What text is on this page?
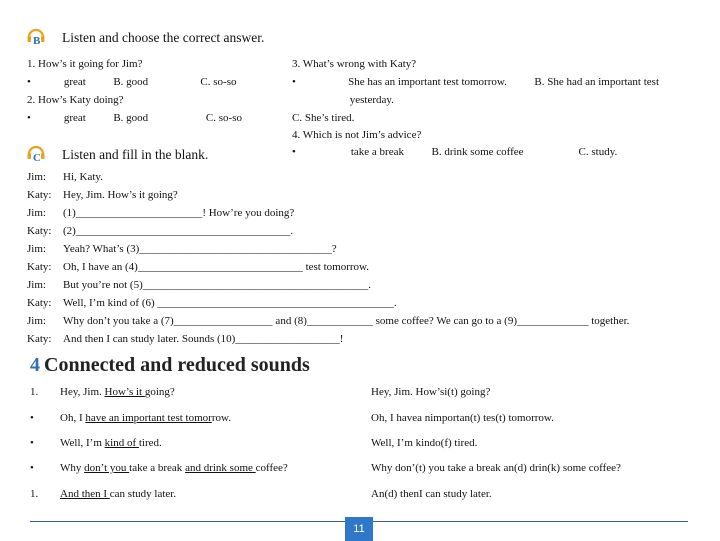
B Listen and choose the correct answer.
1. How’s it going for Jim?
•            great          B. good                   C. so-so
2. How’s Katy doing?
•            great          B. good                     C. so-so
3. What’s wrong with Katy?
•                   She has an important test tomorrow.          B. She had an important test
yesterday.
C. She’s tired.
4. Which is not Jim’s advice?
•                    take a break          B. drink some coffee                    C. study.
C Listen and fill in the blank.
Jim: Hi, Katy.
Katy: Hey, Jim. How’s it going?
Jim: (1)_______________________! How’re you doing?
Katy: (2)_______________________________________.
Jim: Yeah? What’s (3)___________________________________?
Katy: Oh, I have an (4)______________________________ test tomorrow.
Jim: But you’re not (5)_________________________________________.
Katy: Well, I’m kind of (6) ___________________________________________.
Jim: Why don’t you take a (7)__________________ and (8)____________ some coffee? We can go to a (9)_____________ together.
Katy: And then I can study later. Sounds (10)___________________!
4 Connected and reduced sounds
1. Hey, Jim. How’s it going?	Hey, Jim. How’si(t) going?
• Oh, I have an important test tomorrow.	Oh, I havea nimportan(t) tes(t) tomorrow.
• Well, I’m kind of tired.	Well, I’m kindo(f) tired.
• Why don’t you take a break and drink some coffee?	Why don’(t) you take a break an(d) drin(k) some coffee?
1. And then I can study later.	An(d) thenI can study later.
11
